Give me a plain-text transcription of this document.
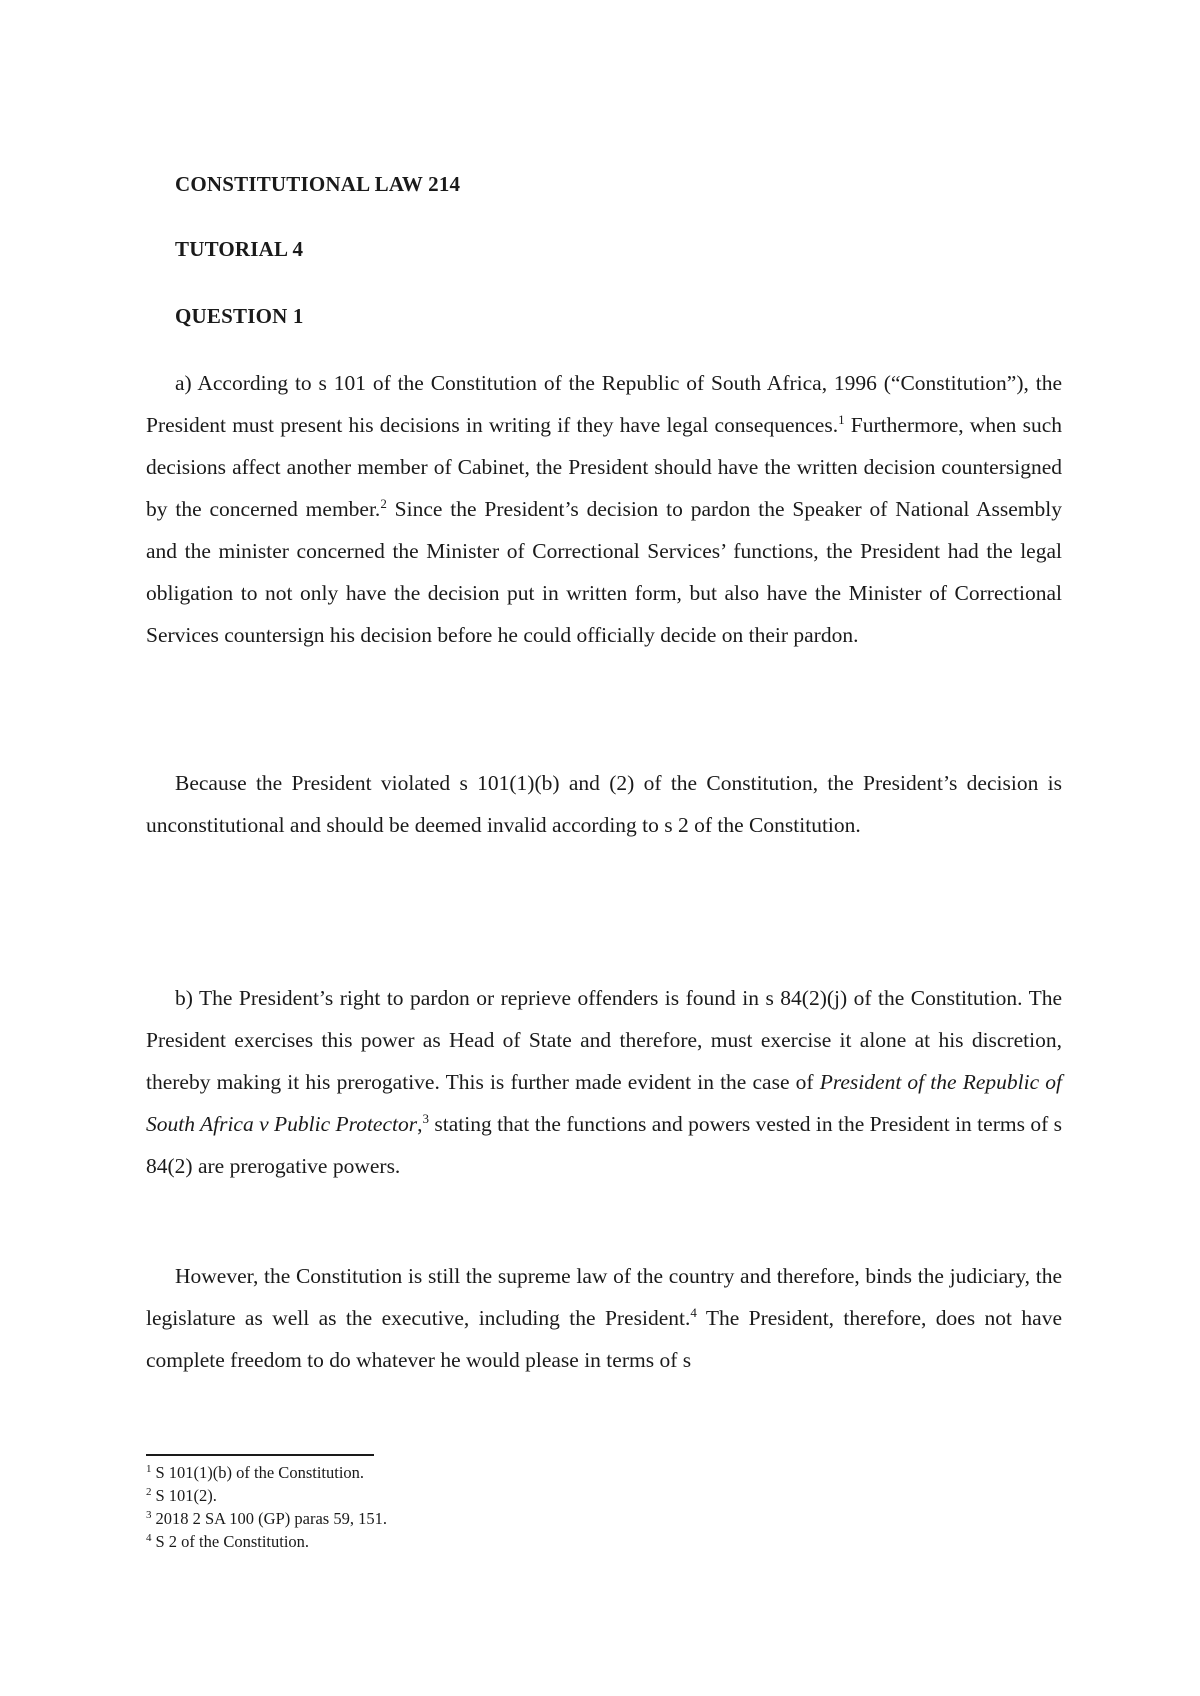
CONSTITUTIONAL LAW 214
TUTORIAL 4
QUESTION 1

a) According to s 101 of the Constitution of the Republic of South Africa, 1996 (“Constitution”), the President must present his decisions in writing if they have legal consequences.$^1$ Furthermore, when such decisions affect another member of Cabinet, the President should have the written decision countersigned by the concerned member.$^2$ Since the President’s decision to pardon the Speaker of National Assembly and the minister concerned the Minister of Correctional Services’ functions, the President had the legal obligation to not only have the decision put in written form, but also have the Minister of Correctional Services countersign his decision before he could officially decide on their pardon.

Because the President violated s 101(1)(b) and (2) of the Constitution, the President’s decision is unconstitutional and should be deemed invalid according to s 2 of the Constitution.

b) The President’s right to pardon or reprieve offenders is found in s 84(2)(j) of the Constitution. The President exercises this power as Head of State and therefore, must exercise it alone at his discretion, thereby making it his prerogative. This is further made evident in the case of President of the Republic of South Africa v Public Protector,$^3$ stating that the functions and powers vested in the President in terms of s 84(2) are prerogative powers.

However, the Constitution is still the supreme law of the country and therefore, binds the judiciary, the legislature as well as the executive, including the President.$^4$ The President, therefore, does not have complete freedom to do whatever he would please in terms of s

$^1$ S 101(1)(b) of the Constitution.
$^2$ S 101(2).
$^3$ 2018 2 SA 100 (GP) paras 59, 151.
$^4$ S 2 of the Constitution.
